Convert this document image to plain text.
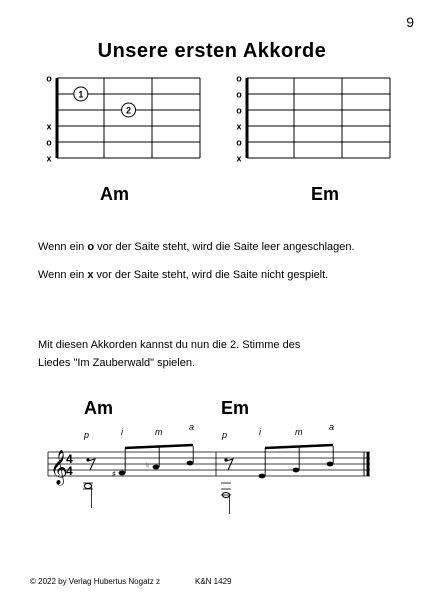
9
Unsere ersten Akkorde
o
x
o
x
1
2
o
o
o
x
o
x
Am	Em
Wenn ein o vor der Saite steht, wird die Saite leer angeschlagen.
Wenn ein x vor der Saite steht, wird die Saite nicht gespielt.
Mit diesen Akkorden kannst du nun die 2. Stimme des
Liedes "Im Zauberwald" spielen.
Am	Em
p	i	m	a
p	i	m	a
𝄞
4
4	♯
♮
© 2022 by Verlag Hubertus Nogatz z	K&N 1429
